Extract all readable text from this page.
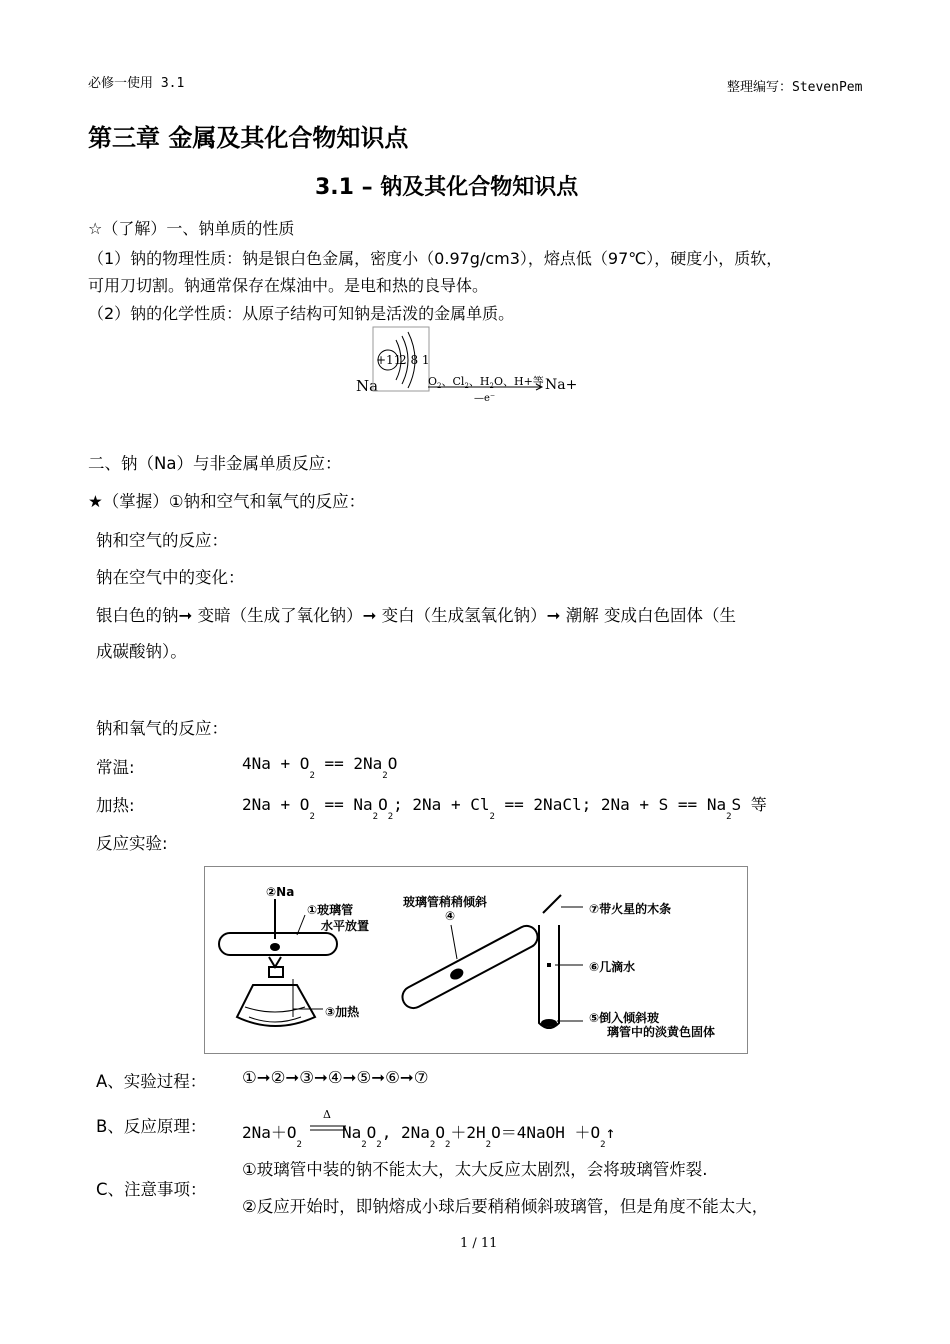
必修一使用 3.1	整理编写：StevenPem
第三章 金属及其化合物知识点
3.1 – 钠及其化合物知识点
☆（了解）一、钠单质的性质
（1）钠的物理性质：钠是银白色金属，密度小（0.97g/cm3），熔点低（97℃），硬度小，质软，
可用刀切割。钠通常保存在煤油中。是电和热的良导体。
（2）钠的化学性质：从原子结构可知钠是活泼的金属单质。
Na
+11
2 8 1
$O_2$、$Cl_2$、$H_2O$、H+等
—e⁻
Na+
二、钠（Na）与非金属单质反应：
★（掌握）①钠和空气和氧气的反应：
钠和空气的反应：
钠在空气中的变化：
银白色的钠➞ 变暗（生成了氧化钠）➞ 变白（生成氢氧化钠）➞ 潮解 变成白色固体（生
成碳酸钠）。
钠和氧气的反应：
常温:	$4Na + O_2 == 2Na_2O$
加热:	$2Na + O_2 == Na_2O_2$; $2Na + Cl_2$ == 2NaCl; $2Na + S == Na_2S$ 等
反应实验:
②Na
①玻璃管
水平放置
③加热
玻璃管稍稍倾斜
④	⑦带火星的木条
⑥几滴水
⑤倒入倾斜玻
璃管中的淡黄色固体
A、实验过程： ①➞②➞③➞④➞⑤➞⑥➞⑦
B、反应原理：
Δ
$2Na+O_2Na_2O_2$, $2Na_2O_2+2H_2O=4NaOH$ $+O_2↑$
C、注意事项：
①玻璃管中装的钠不能太大，太大反应太剧烈，会将玻璃管炸裂.
②反应开始时，即钠熔成小球后要稍稍倾斜玻璃管，但是角度不能太大，
1 / 11
